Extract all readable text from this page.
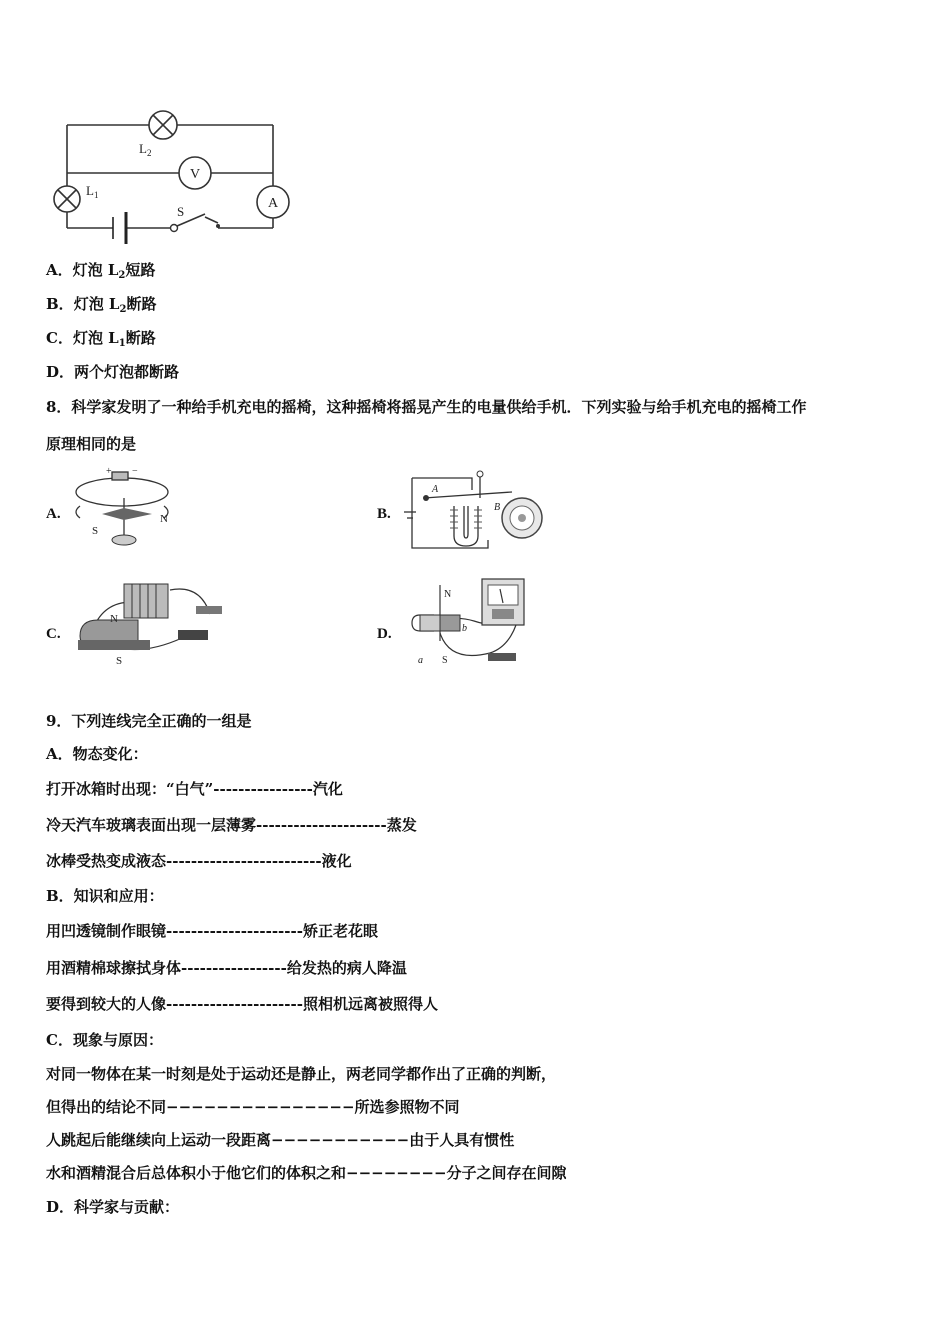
$L_2$
V
$L_1$
A
S
A．灯泡 $L_2$短路
B．灯泡 $L_2$断路
C．灯泡 $L_1$断路
D．两个灯泡都断路
8．科学家发明了一种给手机充电的摇椅，这种摇椅将摇晃产生的电量供给手机．下列实验与给手机充电的摇椅工作
原理相同的是
A.	B.
C.	D.
+ −
N
S
A
B
N
S
N
S
a
b
9．下列连线完全正确的一组是
A．物态变化：
打开冰箱时出现：“白气”----------------汽化
冷天汽车玻璃表面出现一层薄雾---------------------蒸发
冰棒受热变成液态-------------------------液化
B．知识和应用：
用凹透镜制作眼镜----------------------矫正老花眼
用酒精棉球擦拭身体-----------------给发热的病人降温
要得到较大的人像----------------------照相机远离被照得人
C．现象与原因：
对同一物体在某一时刻是处于运动还是静止，两老同学都作出了正确的判断，
但得出的结论不同−−−−−−−−−−−−−−−所选参照物不同
人跳起后能继续向上运动一段距离−−−−−−−−−−−由于人具有惯性
水和酒精混合后总体积小于他它们的体积之和−−−−−−−−分子之间存在间隙
D．科学家与贡献：
